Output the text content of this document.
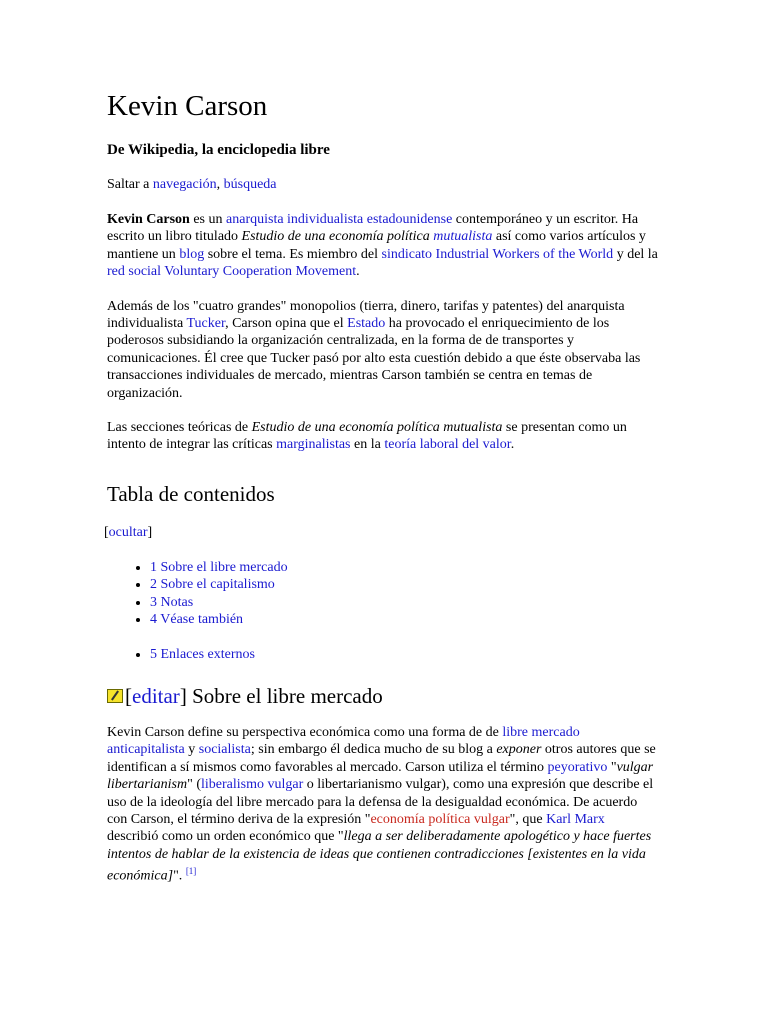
Kevin Carson
De Wikipedia, la enciclopedia libre
Saltar a navegación, búsqueda

Kevin Carson es un anarquista individualista estadounidense contemporáneo y un escritor. Ha escrito un libro titulado Estudio de una economía política mutualista así como varios artículos y mantiene un blog sobre el tema. Es miembro del sindicato Industrial Workers of the World y del la red social Voluntary Cooperation Movement.

Además de los "cuatro grandes" monopolios (tierra, dinero, tarifas y patentes) del anarquista individualista Tucker, Carson opina que el Estado ha provocado el enriquecimiento de los poderosos subsidiando la organización centralizada, en la forma de de transportes y comunicaciones. Él cree que Tucker pasó por alto esta cuestión debido a que éste observaba las transacciones individuales de mercado, mientras Carson también se centra en temas de organización.

Las secciones teóricas de Estudio de una economía política mutualista se presentan como un intento de integrar las críticas marginalistas en la teoría laboral del valor.

Tabla de contenidos
[ocultar]
• 1 Sobre el libre mercado
• 2 Sobre el capitalismo
• 3 Notas
• 4 Véase también
• 5 Enlaces externos
[ editar ] Sobre el libre mercado

Kevin Carson define su perspectiva económica como una forma de de libre mercado anticapitalista y socialista; sin embargo él dedica mucho de su blog a exponer otros autores que se identifican a sí mismos como favorables al mercado. Carson utiliza el término peyorativo "vulgar libertarianism" (liberalismo vulgar o libertarianismo vulgar), como una expresión que describe el uso de la ideología del libre mercado para la defensa de la desigualdad económica. De acuerdo con Carson, el término deriva de la expresión "economía política vulgar", que Karl Marx describió como un orden económico que "llega a ser deliberadamente apologético y hace fuertes intentos de hablar de la existencia de ideas que contienen contradicciones [existentes en la vida económica]". [1]
